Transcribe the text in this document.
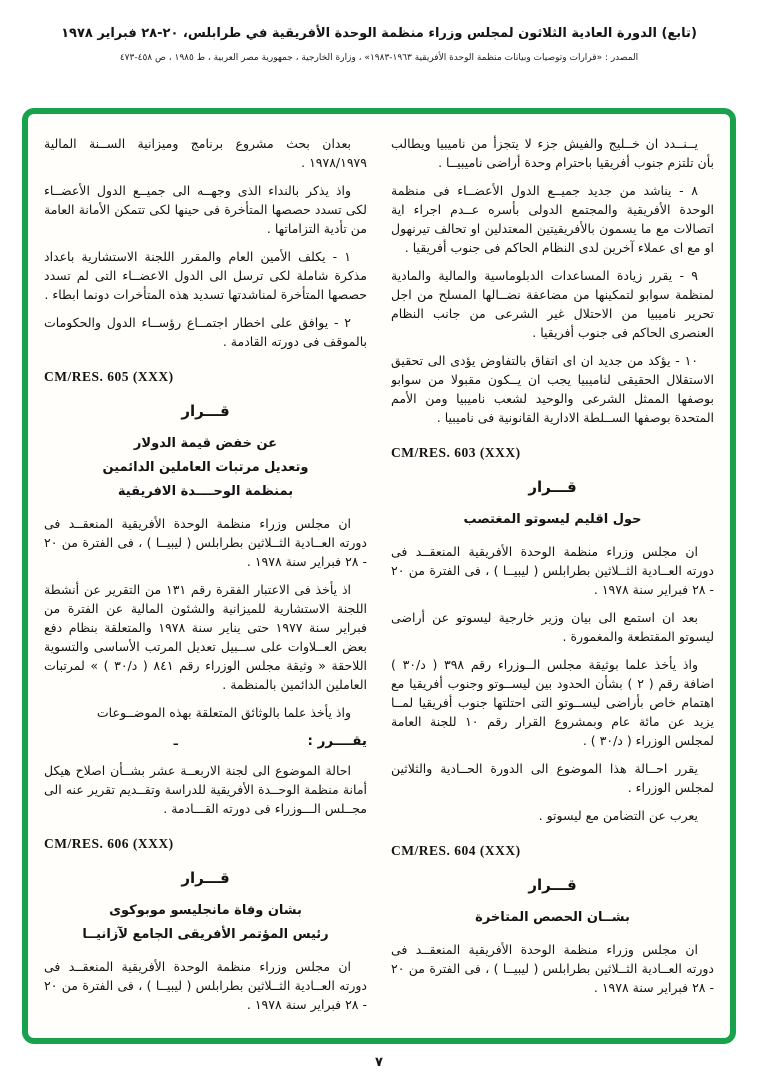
(تابع) الدورة العادية الثلاثون لمجلس وزراء منظمة الوحدة الأفريقية في طرابلس، ٢٠-٢٨ فبراير ١٩٧٨
المصدر : «قرارات وتوصيات وبيانات منظمة الوحدة الأفريقية ١٩٦٣-١٩٨٣» ، وزارة الخارجية ، جمهورية مصر العربية ، ط ١٩٨٥ ، ص ٤٥٨-٤٧٣

يــنــدد ان خــليج والفيش جزء لا يتجزأ من ناميبيا ويطالب بأن تلتزم جنوب أفريقيا باحترام وحدة أراضى ناميبيــا .

٨ - يناشد من جديد جميــع الدول الأعضــاء فى منظمة الوحدة الأفريقية والمجتمع الدولى بأسره عــدم اجراء اية اتصالات مع ما يسمون بالأفريقيتين المعتدلين او تحالف تيرنهول او مع اى عملاء آخرين لدى النظام الحاكم فى جنوب أفريقيا .

٩ - يقرر زيادة المساعدات الدبلوماسية والمالية والمادية لمنظمة سوابو لتمكينها من مضاعفة نضــالها المسلح من اجل تحرير ناميبيا من الاحتلال غير الشرعى من جانب النظام العنصرى الحاكم فى جنوب أفريقيا .

١٠ - يؤكد من جديد ان اى اتفاق بالتفاوض يؤدى الى تحقيق الاستقلال الحقيقى لناميبيا يجب ان يــكون مقبولا من سوابو بوصفها الممثل الشرعى والوحيد لشعب ناميبيا ومن الأمم المتحدة بوصفها الســلطة الادارية القانونية فى ناميبيا .

CM/RES. 603 (XXX)
قـــرار
حول اقليم ليسوتو المغتصب

ان مجلس وزراء منظمة الوحدة الأفريقية المنعقــد فى دورته العــادية الثــلاثين بطرابلس ( ليبيــا ) ، فى الفترة من ٢٠ - ٢٨ فبراير سنة ١٩٧٨ .

بعد ان استمع الى بيان وزير خارجية ليسوتو عن أراضى ليسوتو المقتطعة والمغمورة .

واذ يأخذ علما بوثيقة مجلس الــوزراء رقم ٣٩٨ ( د/٣٠ ) اضافة رقم ( ٢ ) بشأن الحدود بين ليســوتو وجنوب أفريقيا مع اهتمام خاص بأراضى ليســوتو التى احتلتها جنوب أفريقيا لمــا يزيد عن مائة عام وبمشروع القرار رقم ١٠ للجنة العامة لمجلس الوزراء ( د/٣٠ ) .

يقرر احــالة هذا الموضوع الى الدورة الحــادية والثلاثين لمجلس الوزراء .

يعرب عن التضامن مع ليسوتو .

CM/RES. 604 (XXX)
قـــرار
بشــان الحصص المتاخرة

ان مجلس وزراء منظمة الوحدة الأفريقية المنعقــد فى دورته العــادية الثــلاثين بطرابلس ( ليبيــا ) ، فى الفترة من ٢٠ - ٢٨ فبراير سنة ١٩٧٨ .

بعدان بحث مشروع برنامج وميزانية الســنة المالية ١٩٧٨/١٩٧٩ .

واذ يذكر بالنداء الذى وجهــه الى جميــع الدول الأعضــاء لكى تسدد حصصها المتأخرة فى حينها لكى تتمكن الأمانة العامة من تأدية التزاماتها .

١ - يكلف الأمين العام والمقرر اللجنة الاستشارية باعداد مذكرة شاملة لكى ترسل الى الدول الاعضــاء التى لم تسدد حصصها المتأخرة لمناشدتها تسديد هذه المتأخرات دونما ابطاء .

٢ - يوافق على اخطار اجتمــاع رؤســاء الدول والحكومات بالموقف فى دورته القادمة .

CM/RES. 605 (XXX)
قـــرار
عن خفض قيمة الدولار
وتعديل مرتبات العاملين الدائمين
بمنظمة الوحــــدة الافريقية

ان مجلس وزراء منظمة الوحدة الأفريقية المنعقــد فى دورته العــادية الثــلاثين بطرابلس ( ليبيــا ) ، فى الفترة من ٢٠ - ٢٨ فبراير سنة ١٩٧٨ .

اذ يأخذ فى الاعتبار الفقرة رقم ١٣١ من التقرير عن أنشطة اللجنة الاستشارية للميزانية والشئون المالية عن الفترة من فبراير سنة ١٩٧٧ حتى يناير سنة ١٩٧٨ والمتعلقة بنظام دفع بعض العــلاوات على ســبيل تعديل المرتب الأساسى والتسوية اللاحقة « وثيقة مجلس الوزراء رقم ٨٤١ ( د/٣٠ ) » لمرتبات العاملين الدائمين بالمنظمة .

واذ يأخذ علما بالوثائق المتعلقة بهذه الموضــوعات

يقــــرر :
ـ

احالة الموضوع الى لجنة الاربعــة عشر بشــأن اصلاح هيكل أمانة منظمة الوحــدة الأفريقية للدراسة وتقــديم تقرير عنه الى مجــلس الـــوزراء فى دورته القـــادمة .

CM/RES. 606 (XXX)
قـــرار
بشان وفاة مانجليسو موبوكوى
رئيس المؤتمر الأفريقى الجامع لآزانيــا

ان مجلس وزراء منظمة الوحدة الأفريقية المنعقــد فى دورته العــادية الثــلاثين بطرابلس ( ليبيــا ) ، فى الفترة من ٢٠ - ٢٨ فبراير سنة ١٩٧٨ .

٧
